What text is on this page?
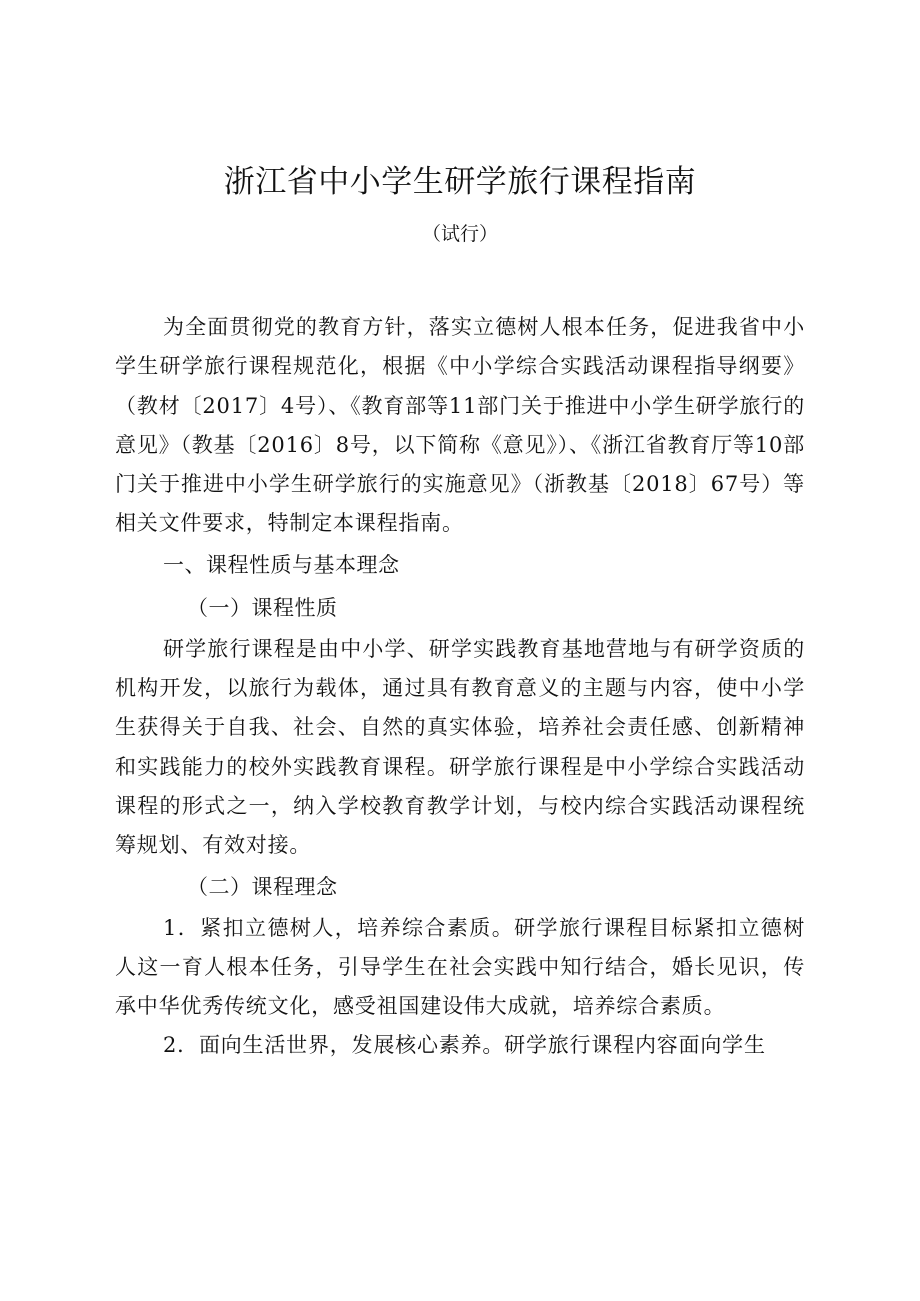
浙江省中小学生研学旅行课程指南
（试行）

为全面贯彻党的教育方针，落实立德树人根本任务，促进我省中小学生研学旅行课程规范化，根据《中小学综合实践活动课程指导纲要》（教材〔2017〕4号）、《教育部等11部门关于推进中小学生研学旅行的意见》（教基〔2016〕8号，以下简称《意见》）、《浙江省教育厅等10部门关于推进中小学生研学旅行的实施意见》（浙教基〔2018〕67号）等相关文件要求，特制定本课程指南。

一、课程性质与基本理念

（一）课程性质

研学旅行课程是由中小学、研学实践教育基地营地与有研学资质的机构开发，以旅行为载体，通过具有教育意义的主题与内容，使中小学生获得关于自我、社会、自然的真实体验，培养社会责任感、创新精神和实践能力的校外实践教育课程。研学旅行课程是中小学综合实践活动课程的形式之一，纳入学校教育教学计划，与校内综合实践活动课程统筹规划、有效对接。

（二）课程理念

1．紧扣立德树人，培养综合素质。研学旅行课程目标紧扣立德树人这一育人根本任务，引导学生在社会实践中知行结合，婚长见识，传承中华优秀传统文化，感受祖国建设伟大成就，培养综合素质。

2．面向生活世界，发展核心素养。研学旅行课程内容面向学生
